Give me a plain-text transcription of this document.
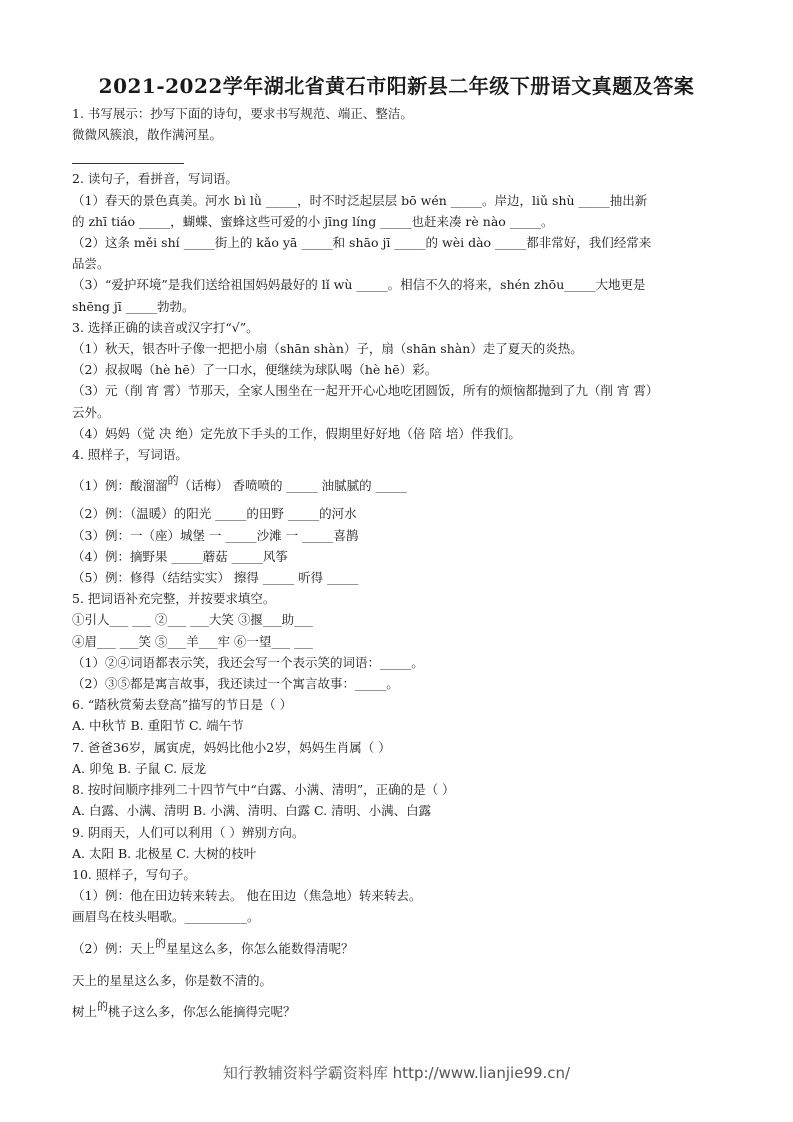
2021-2022学年湖北省黄石市阳新县二年级下册语文真题及答案
1. 书写展示：抄写下面的诗句，要求书写规范、端正、整洁。
微微风簇浪，散作满河星。
2. 读句子，看拼音，写词语。
（1）春天的景色真美。河水 bì lǜ _____，时不时泛起层层 bō wén _____。岸边，liǔ shù _____抽出新
的 zhī tiáo _____，蝴蝶、蜜蜂这些可爱的小 jīng líng _____也赶来凑 rè nào _____。
（2）这条 měi shí _____街上的 kǎo yā _____和 shāo jī _____的 wèi dào _____都非常好，我们经常来
品尝。
（3）“爱护环境”是我们送给祖国妈妈最好的 lǐ wù _____。相信不久的将来，shén zhōu_____大地更是
shēng jī _____勃勃。
3. 选择正确的读音或汉字打“√”。
（1）秋天，银杏叶子像一把把小扇（shān shàn）子，扇（shān shàn）走了夏天的炎热。
（2）叔叔喝（hè hē）了一口水，便继续为球队喝（hè hē）彩。
（3）元（削 宵 霄）节那天，全家人围坐在一起开开心心地吃团圆饭，所有的烦恼都抛到了九（削 宵 霄）
云外。
（4）妈妈（觉 决 绝）定先放下手头的工作，假期里好好地（倍 陪 培）伴我们。
4. 照样子，写词语。
（1）例：酸溜溜的（话梅） 香喷喷的 _____ 油腻腻的 _____
（2）例：（温暖）的阳光 _____的田野 _____的河水
（3）例：一（座）城堡 一 _____沙滩 一 _____喜鹊
（4）例：摘野果 _____蘑菇 _____风筝
（5）例：修得（结结实实） 擦得 _____ 听得 _____
5. 把词语补充完整，并按要求填空。
①引人___ ___ ②___ ___大笑 ③揠___助___
④眉___ ___笑 ⑤___羊___牢 ⑥一望___ ___
（1）②④词语都表示笑，我还会写一个表示笑的词语：_____。
（2）③⑤都是寓言故事，我还读过一个寓言故事：_____。
6. “踏秋赏菊去登高”描写的节日是（ ）
A. 中秋节 B. 重阳节 C. 端午节
7. 爸爸36岁，属寅虎，妈妈比他小2岁，妈妈生肖属（ ）
A. 卯兔 B. 子鼠 C. 辰龙
8. 按时间顺序排列二十四节气中“白露、小满、清明”，正确的是（ ）
A. 白露、小满、清明 B. 小满、清明、白露 C. 清明、小满、白露
9. 阴雨天，人们可以利用（ ）辨别方向。
A. 太阳 B. 北极星 C. 大树的枝叶
10. 照样子，写句子。
（1）例：他在田边转来转去。 他在田边（焦急地）转来转去。
画眉鸟在枝头唱歌。__________。
（2）例：天上的星星这么多，你怎么能数得清呢？
天上的星星这么多，你是数不清的。
树上的桃子这么多，你怎么能摘得完呢？
知行教辅资料学霸资料库 http://www.lianjie99.cn/
